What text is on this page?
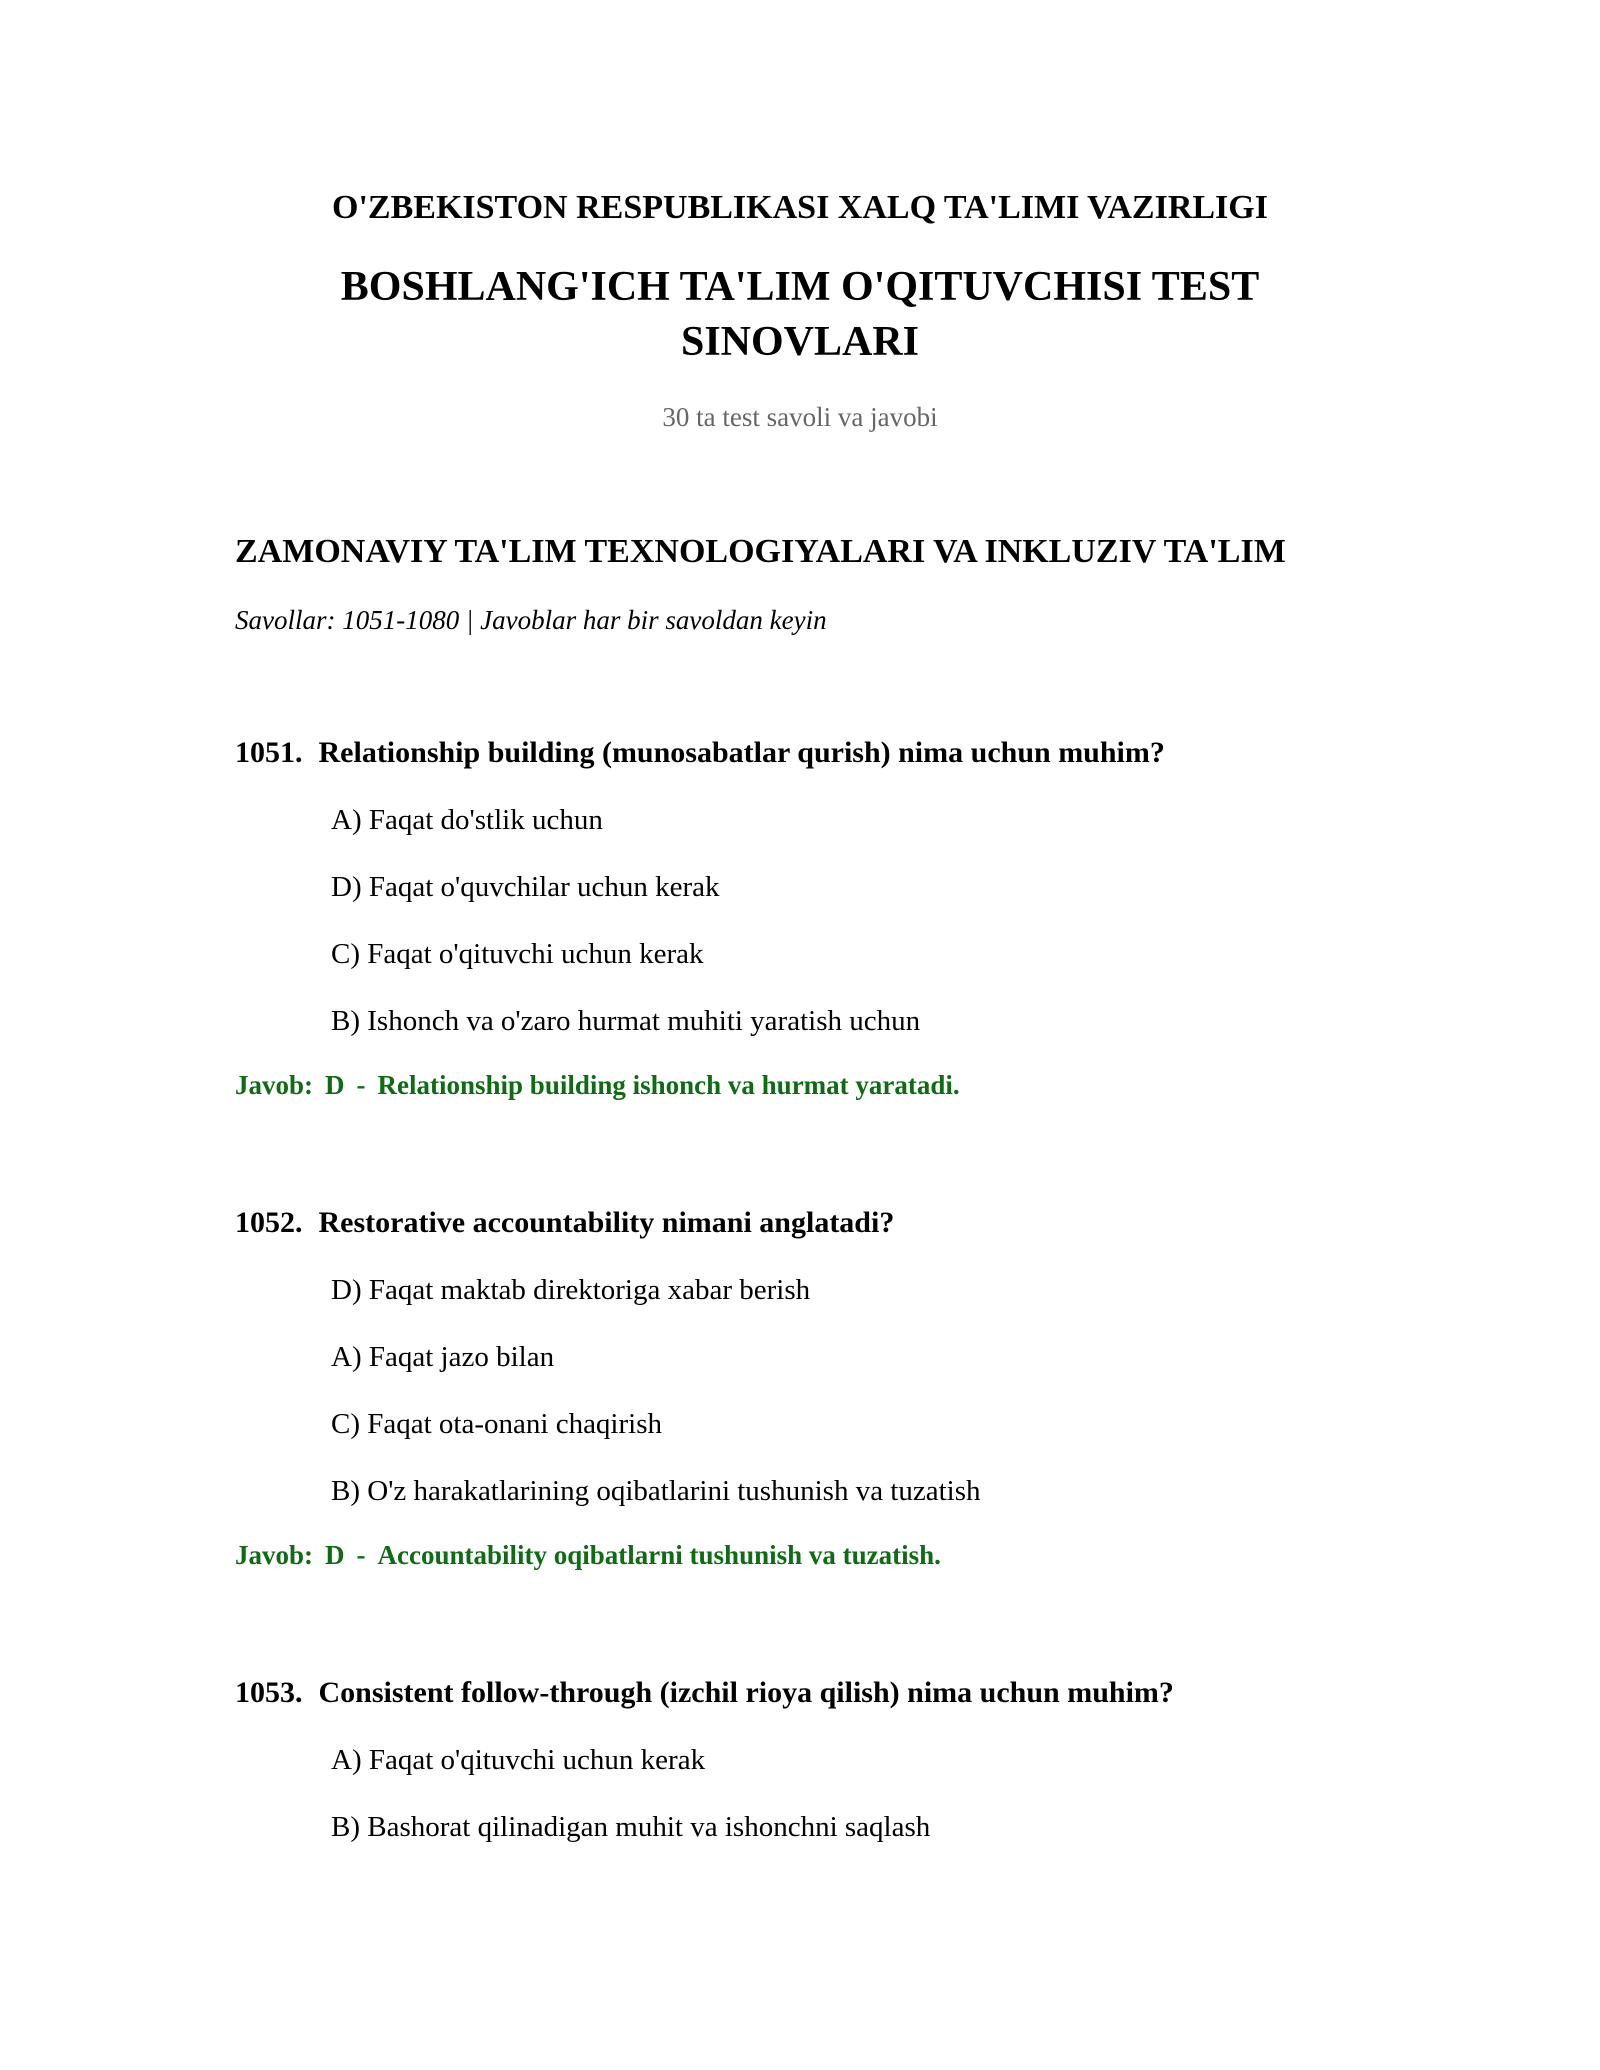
O'ZBEKISTON RESPUBLIKASI XALQ TA'LIMI VAZIRLIGI
BOSHLANG'ICH TA'LIM O'QITUVCHISI TEST SINOVLARI
30 ta test savoli va javobi
ZAMONAVIY TA'LIM TEXNOLOGIYALARI VA INKLUZIV TA'LIM
Savollar: 1051-1080 | Javoblar har bir savoldan keyin

1051. Relationship building (munosabatlar qurish) nima uchun muhim?

A) Faqat do'stlik uchun

D) Faqat o'quvchilar uchun kerak

C) Faqat o'qituvchi uchun kerak

B) Ishonch va o'zaro hurmat muhiti yaratish uchun

Javob: D - Relationship building ishonch va hurmat yaratadi.

1052. Restorative accountability nimani anglatadi?

D) Faqat maktab direktoriga xabar berish

A) Faqat jazo bilan

C) Faqat ota-onani chaqirish

B) O'z harakatlarining oqibatlarini tushunish va tuzatish

Javob: D - Accountability oqibatlarni tushunish va tuzatish.

1053. Consistent follow-through (izchil rioya qilish) nima uchun muhim?

A) Faqat o'qituvchi uchun kerak

B) Bashorat qilinadigan muhit va ishonchni saqlash
